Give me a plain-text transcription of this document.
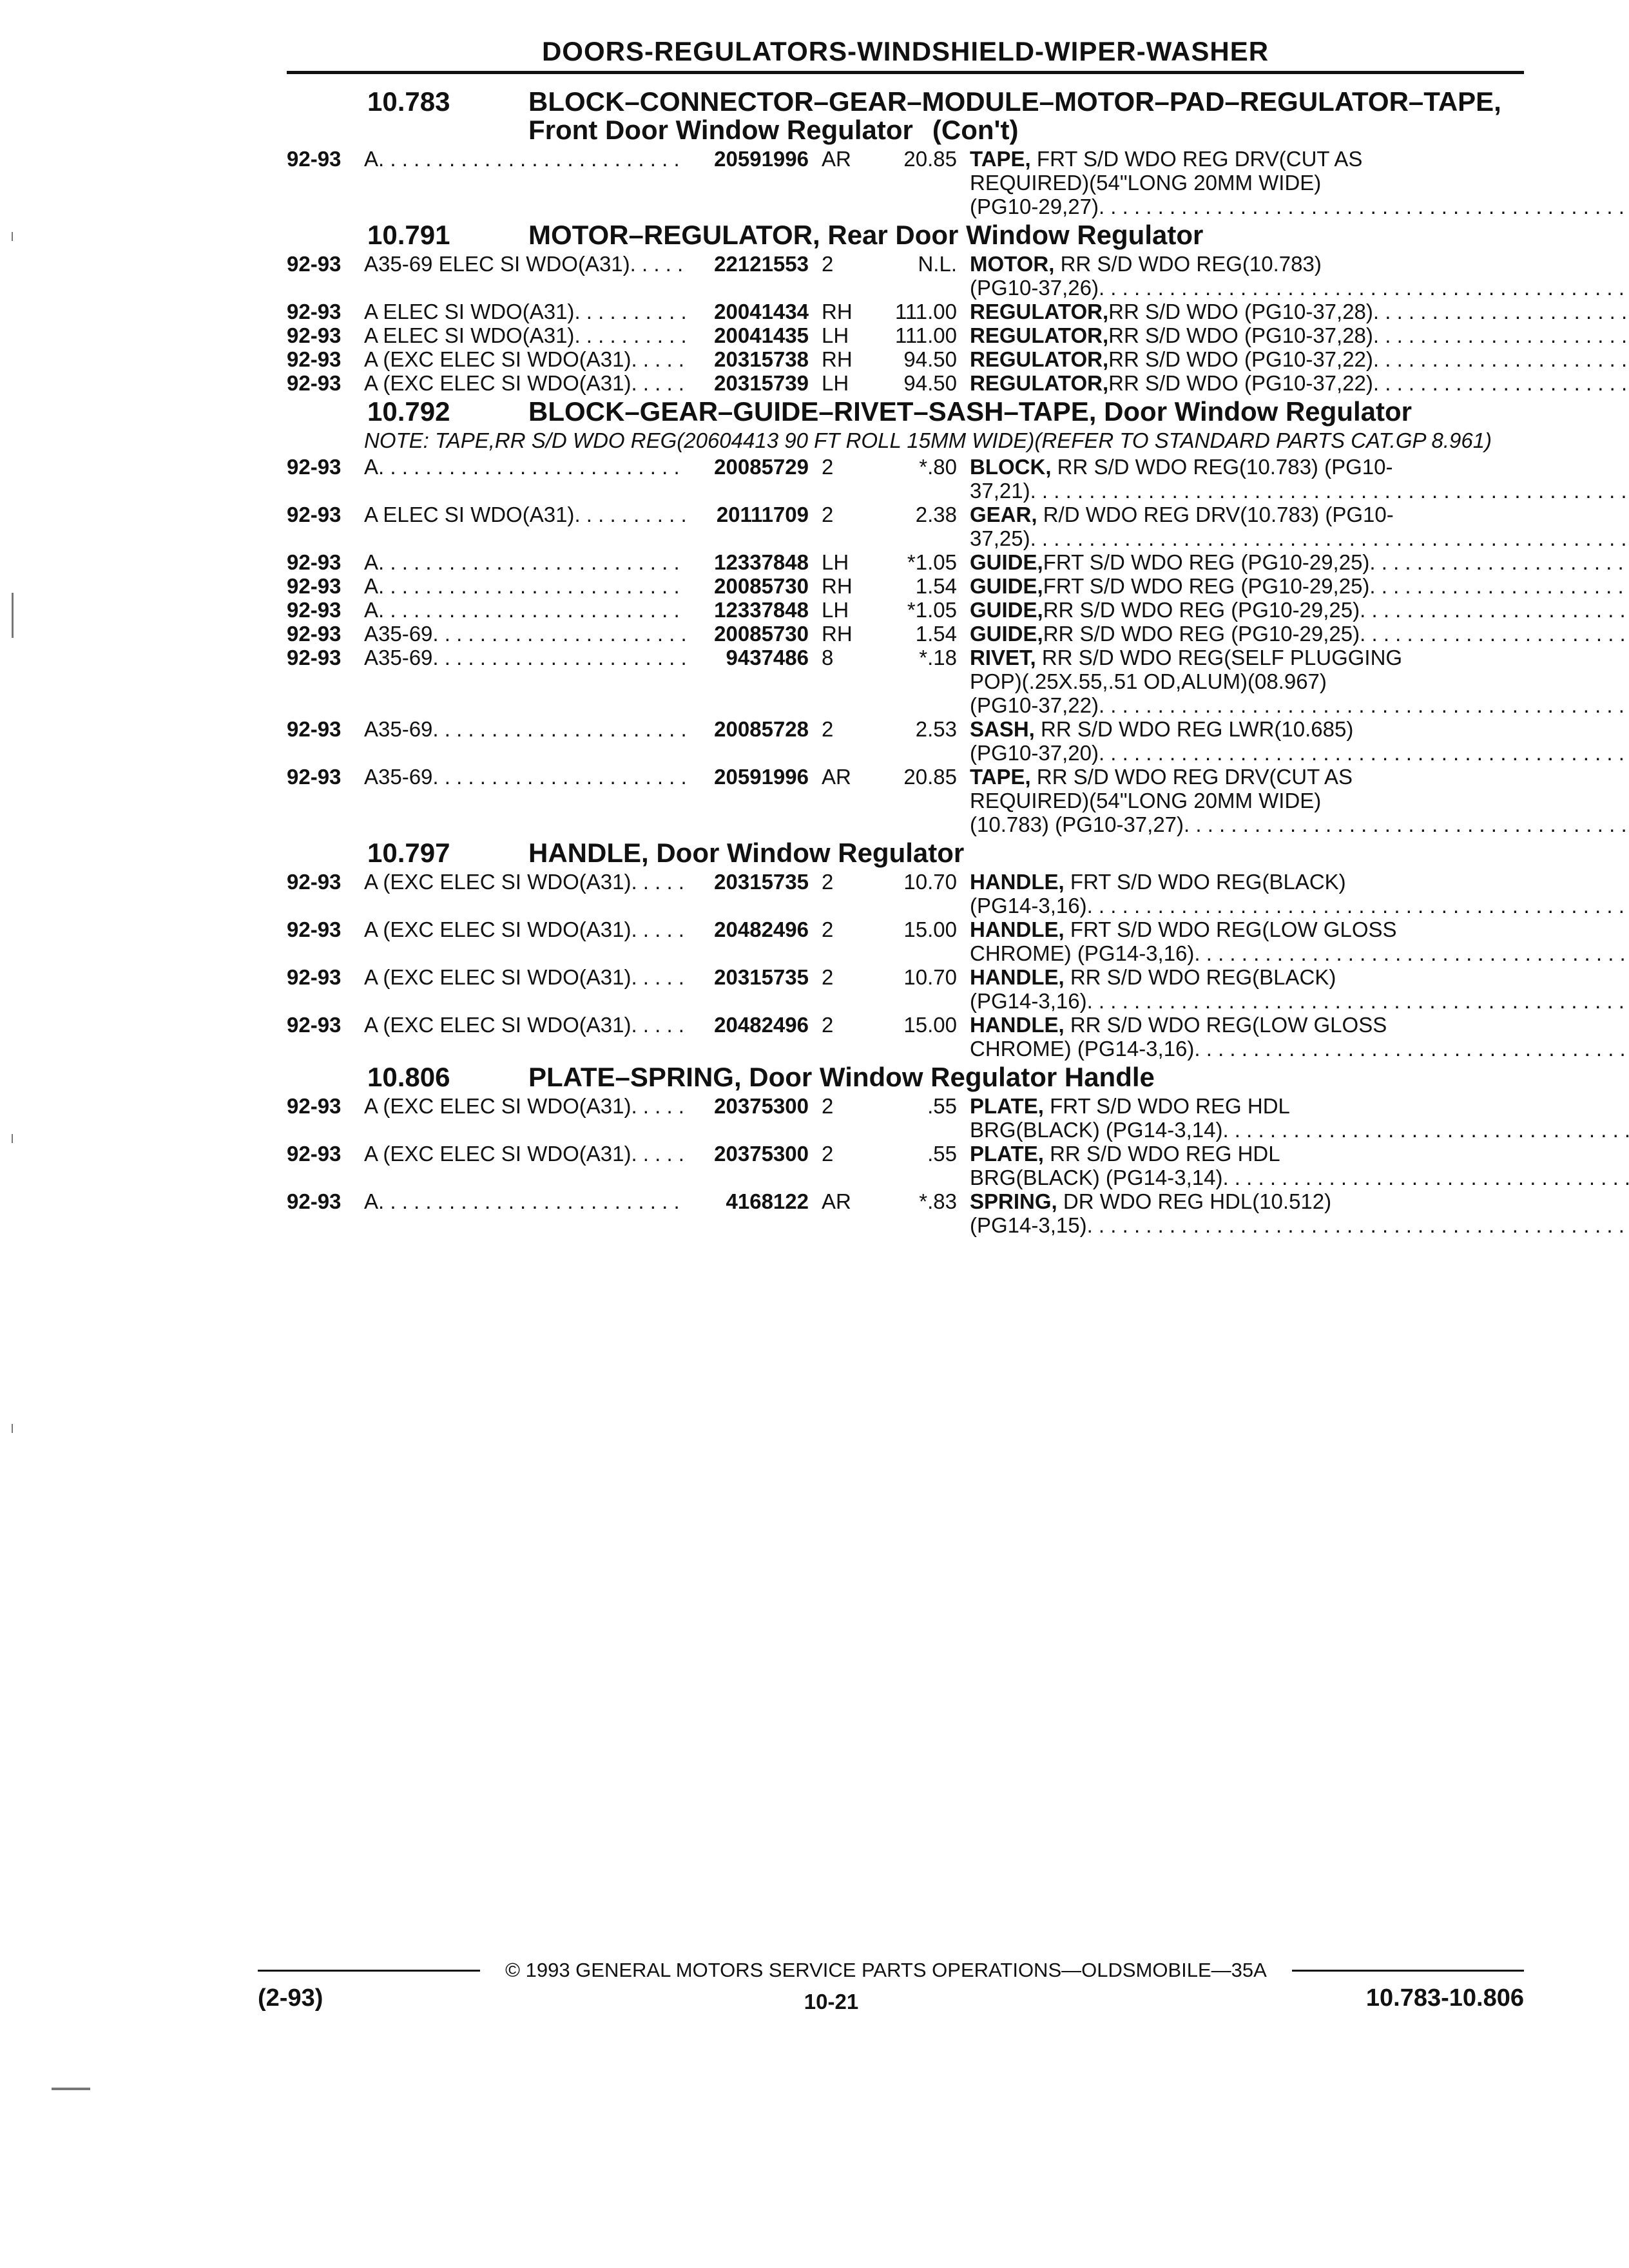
DOORS-REGULATORS-WINDSHIELD-WIPER-WASHER
10.783	BLOCK–CONNECTOR–GEAR–MODULE–MOTOR–PAD–REGULATOR–TAPE, Front Door Window Regulator (Con't)
92-93	A . . .	20591996 AR	20.85 TAPE, FRT S/D WDO REG DRV(CUT AS
REQUIRED)(54"LONG 20MM WIDE)
(PG10-29,27)
. . .
10.791	MOTOR–REGULATOR, Rear Door Window Regulator
92-93	A35-69 ELEC SI WDO(A31) . . .	22121553 2	N.L. MOTOR, RR S/D WDO REG(10.783)
(PG10-37,26)
. . .
92-93	A ELEC SI WDO(A31) . . .	20041434 RH	111.00 REGULATOR, RR S/D WDO (PG10-37,28)
. . .
92-93	A ELEC SI WDO(A31) . . .	20041435 LH	111.00 REGULATOR, RR S/D WDO (PG10-37,28)
. . .
92-93	A (EXC ELEC SI WDO(A31) . . .	20315738 RH	94.50 REGULATOR, RR S/D WDO (PG10-37,22)
. . .
92-93	A (EXC ELEC SI WDO(A31) . . .	20315739 LH	94.50 REGULATOR, RR S/D WDO (PG10-37,22)
. . .
10.792	BLOCK–GEAR–GUIDE–RIVET–SASH–TAPE, Door Window Regulator
NOTE: TAPE,RR S/D WDO REG(20604413 90 FT ROLL 15MM WIDE)(REFER TO STANDARD PARTS CAT.GP 8.961)
92-93	A . . .	20085729 2	*.80 BLOCK, RR S/D WDO REG(10.783) (PG10-
37,21)
. . .
92-93	A ELEC SI WDO(A31) . . .	20111709 2	2.38 GEAR, R/D WDO REG DRV(10.783) (PG10-
37,25)
. . .
92-93	A . . .	12337848 LH	*1.05 GUIDE, FRT S/D WDO REG (PG10-29,25)
. . .
92-93	A . . .	20085730 RH	1.54 GUIDE, FRT S/D WDO REG (PG10-29,25)
. . .
92-93	A . . .	12337848 LH	*1.05 GUIDE, RR S/D WDO REG (PG10-29,25)
. . .
92-93	A35-69 . . .	20085730 RH	1.54 GUIDE, RR S/D WDO REG (PG10-29,25)
. . .
92-93	A35-69 . . .	9437486 8	*.18 RIVET, RR S/D WDO REG(SELF PLUGGING
POP)(.25X.55,.51 OD,ALUM)(08.967)
(PG10-37,22)
. . .
92-93	A35-69 . . .	20085728 2	2.53 SASH, RR S/D WDO REG LWR(10.685)
(PG10-37,20)
. . .
92-93	A35-69 . . .	20591996 AR	20.85 TAPE, RR S/D WDO REG DRV(CUT AS
REQUIRED)(54"LONG 20MM WIDE)
(10.783) (PG10-37,27)
. . .
10.797	HANDLE, Door Window Regulator
92-93	A (EXC ELEC SI WDO(A31) . . .	20315735 2	10.70 HANDLE, FRT S/D WDO REG(BLACK)
(PG14-3,16)
. . .
92-93	A (EXC ELEC SI WDO(A31) . . .	20482496 2	15.00 HANDLE, FRT S/D WDO REG(LOW GLOSS
CHROME) (PG14-3,16)
. . .
92-93	A (EXC ELEC SI WDO(A31) . . .	20315735 2	10.70 HANDLE, RR S/D WDO REG(BLACK)
(PG14-3,16)
. . .
92-93	A (EXC ELEC SI WDO(A31) . . .	20482496 2	15.00 HANDLE, RR S/D WDO REG(LOW GLOSS
CHROME) (PG14-3,16)
. . .
10.806	PLATE–SPRING, Door Window Regulator Handle
92-93	A (EXC ELEC SI WDO(A31) . . .	20375300 2	.55 PLATE, FRT S/D WDO REG HDL
BRG(BLACK) (PG14-3,14)
. . .
92-93	A (EXC ELEC SI WDO(A31) . . .	20375300 2	.55 PLATE, RR S/D WDO REG HDL
BRG(BLACK) (PG14-3,14)
. . .
92-93	A . . .	4168122 AR	*.83 SPRING, DR WDO REG HDL(10.512)
(PG14-3,15)
. . .
© 1993 GENERAL MOTORS SERVICE PARTS OPERATIONS—OLDSMOBILE—35A
(2-93)	10-21	10.783-10.806
